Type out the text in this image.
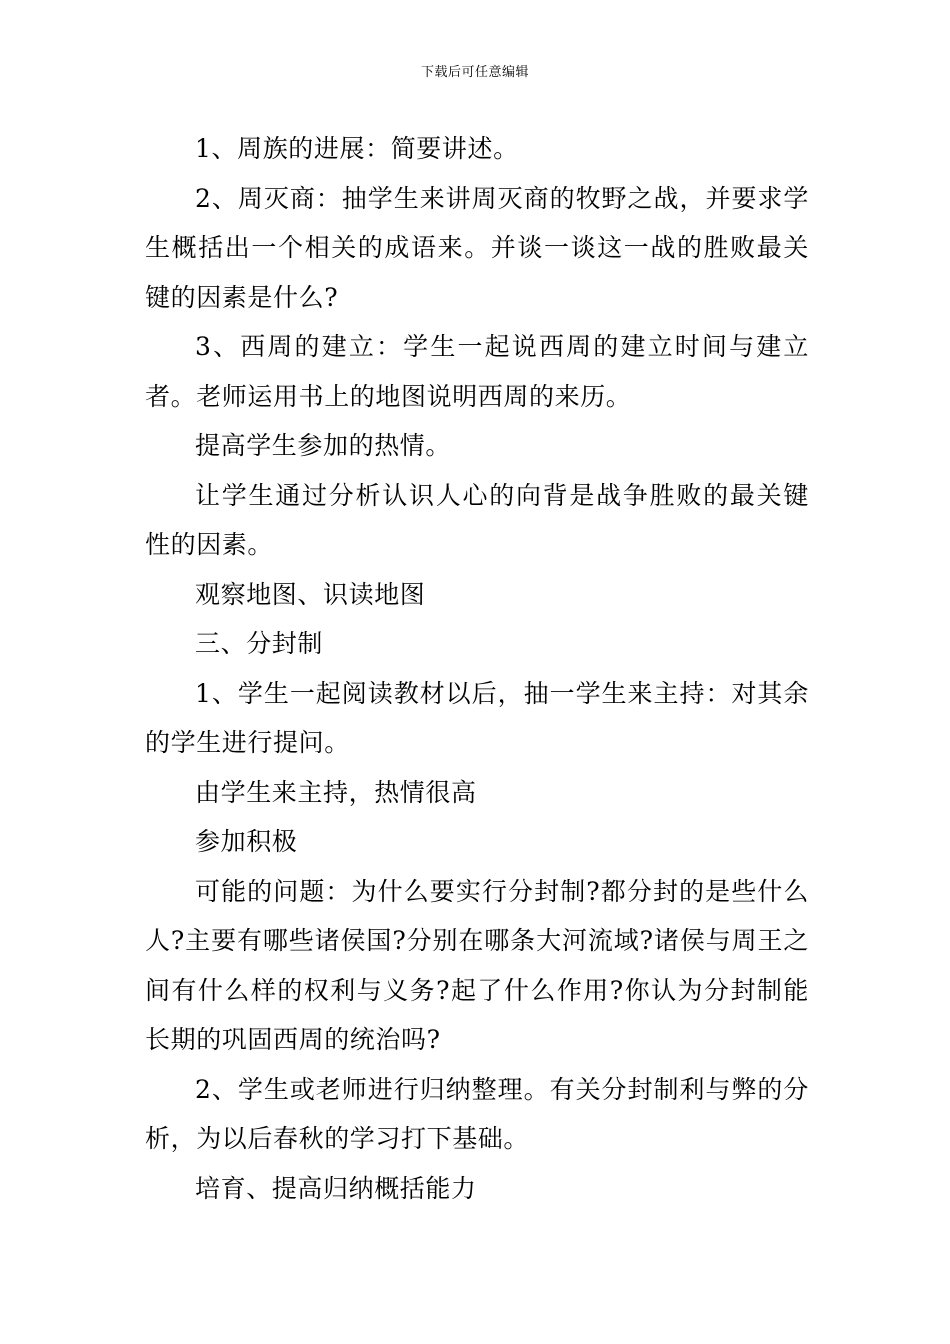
下载后可任意编辑

1、周族的进展：简要讲述。

2、周灭商：抽学生来讲周灭商的牧野之战，并要求学生概括出一个相关的成语来。并谈一谈这一战的胜败最关键的因素是什么?

3、西周的建立：学生一起说西周的建立时间与建立者。老师运用书上的地图说明西周的来历。

提高学生参加的热情。

让学生通过分析认识人心的向背是战争胜败的最关键性的因素。

观察地图、识读地图

三、分封制

1、学生一起阅读教材以后，抽一学生来主持：对其余的学生进行提问。

由学生来主持，热情很高

参加积极

可能的问题：为什么要实行分封制?都分封的是些什么人?主要有哪些诸侯国?分别在哪条大河流域?诸侯与周王之间有什么样的权利与义务?起了什么作用?你认为分封制能长期的巩固西周的统治吗?

2、学生或老师进行归纳整理。有关分封制利与弊的分析，为以后春秋的学习打下基础。

培育、提高归纳概括能力
